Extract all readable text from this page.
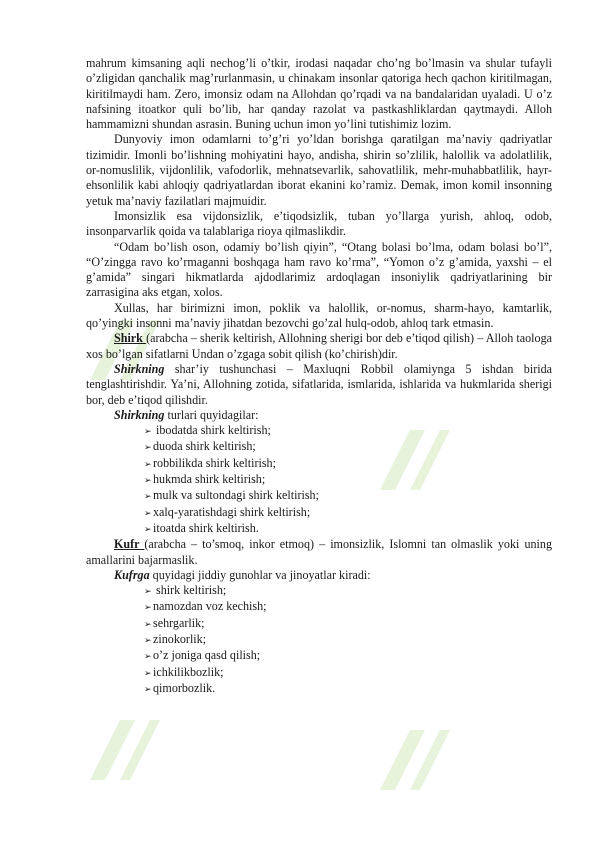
mahrum kimsaning aqli nechog’li o’tkir, irodasi naqadar cho’ng bo’lmasin va shular tufayli o’zligidan qanchalik mag’rurlanmasin, u chinakam insonlar qatoriga hech qachon kiritilmagan, kiritilmaydi ham. Zero, imonsiz odam na Allohdan qo’rqadi va na bandalaridan uyaladi. U o’z nafsining itoatkor quli bo’lib, har qanday razolat va pastkashliklardan qaytmaydi. Alloh hammamizni shundan asrasin. Buning uchun imon yo’lini tutishimiz lozim.

Dunyoviy imon odamlarni to’g’ri yo’ldan borishga qaratilgan ma’naviy qadriyatlar tizimidir. Imonli bo’lishning mohiyatini hayo, andisha, shirin so’zlilik, halollik va adolatlilik, or-nomuslilik, vijdonlilik, vafodorlik, mehnatsevarlik, sahovatlilik, mehr-muhabbatlilik, hayr-ehsonlilik kabi ahloqiy qadriyatlardan iborat ekanini ko’ramiz. Demak, imon komil insonning yetuk ma’naviy fazilatlari majmuidir.

Imonsizlik esa vijdonsizlik, e’tiqodsizlik, tuban yo’llarga yurish, ahloq, odob, insonparvarlik qoida va talablariga rioya qilmaslikdir.

“Odam bo’lish oson, odamiy bo’lish qiyin”, “Otang bolasi bo’lma, odam bolasi bo’l”, “O’zingga ravo ko’rmaganni boshqaga ham ravo ko’rma”, “Yomon o’z g’amida, yaxshi – el g’amida” singari hikmatlarda ajdodlarimiz ardoqlagan insoniylik qadriyatlarining bir zarrasigina aks etgan, xolos.

Xullas, har birimizni imon, poklik va halollik, or-nomus, sharm-hayo, kamtarlik, qo’yingki insonni ma’naviy jihatdan bezovchi go’zal hulq-odob, ahloq tark etmasin.

Shirk (arabcha – sherik keltirish, Allohning sherigi bor deb e’tiqod qilish) – Alloh taologa xos bo’lgan sifatlarni Undan o’zgaga sobit qilish (ko’chirish)dir.

Shirkning shar’iy tushunchasi – Maxluqni Robbil olamiynga 5 ishdan birida tenglashtirishdir. Ya’ni, Allohning zotida, sifatlarida, ismlarida, ishlarida va hukmlarida sherigi bor, deb e’tiqod qilishdir.

Shirkning turlari quyidagilar:

➢ ibodatda shirk keltirish;
➢duoda shirk keltirish;
➢robbilikda shirk keltirish;
➢hukmda shirk keltirish;
➢mulk va sultondagi shirk keltirish;
➢xalq-yaratishdagi shirk keltirish;
➢itoatda shirk keltirish.

Kufr (arabcha – to’smoq, inkor etmoq) – imonsizlik, Islomni tan olmaslik yoki uning amallarini bajarmaslik.

Kufrga quyidagi jiddiy gunohlar va jinoyatlar kiradi:

➢ shirk keltirish;
➢namozdan voz kechish;
➢sehrgarlik;
➢zinokorlik;
➢o’z joniga qasd qilish;
➢ichkilikbozlik;
➢qimorbozlik.
